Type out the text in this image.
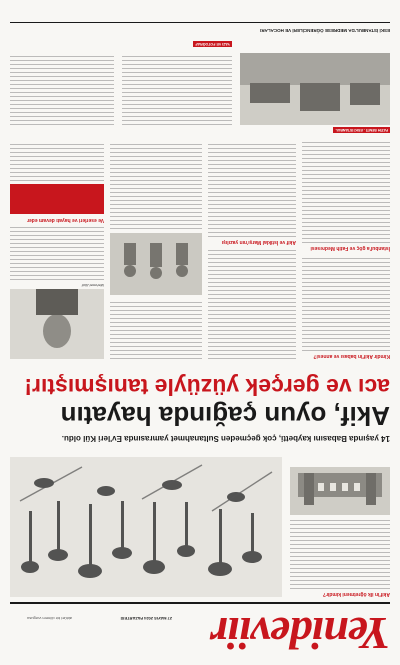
Yenideviir
27 MAYIS 2024 PAZARTESİ
aktüel bir dönem vurgusu
Akif'in ilk öğretmeni kimdir?
14 yaşında Babasını kaybetti, çok geçmeden Sultanahmet yamrasında Ev'leri Kül oldu.
Akif, oyun çağında hayatın
acı ve gerçek yüzüyle tanışmıştır!
Kimdir Akif'in babası ve annesi?
İstanbul'a göç ve Fatih Medresesi
Akif ve İstiklal Marşı'nın yazılışı
Mehmet Akif
Ve eserleri ve hayatı devam eder
FATİH SEMTİ - ESKİ İSTANBUL
YAZI VE FOTOĞRAF
ESKİ İSTANBUL'DA MEDRESE ÖĞRENCİLERİ VE HOCALARI
